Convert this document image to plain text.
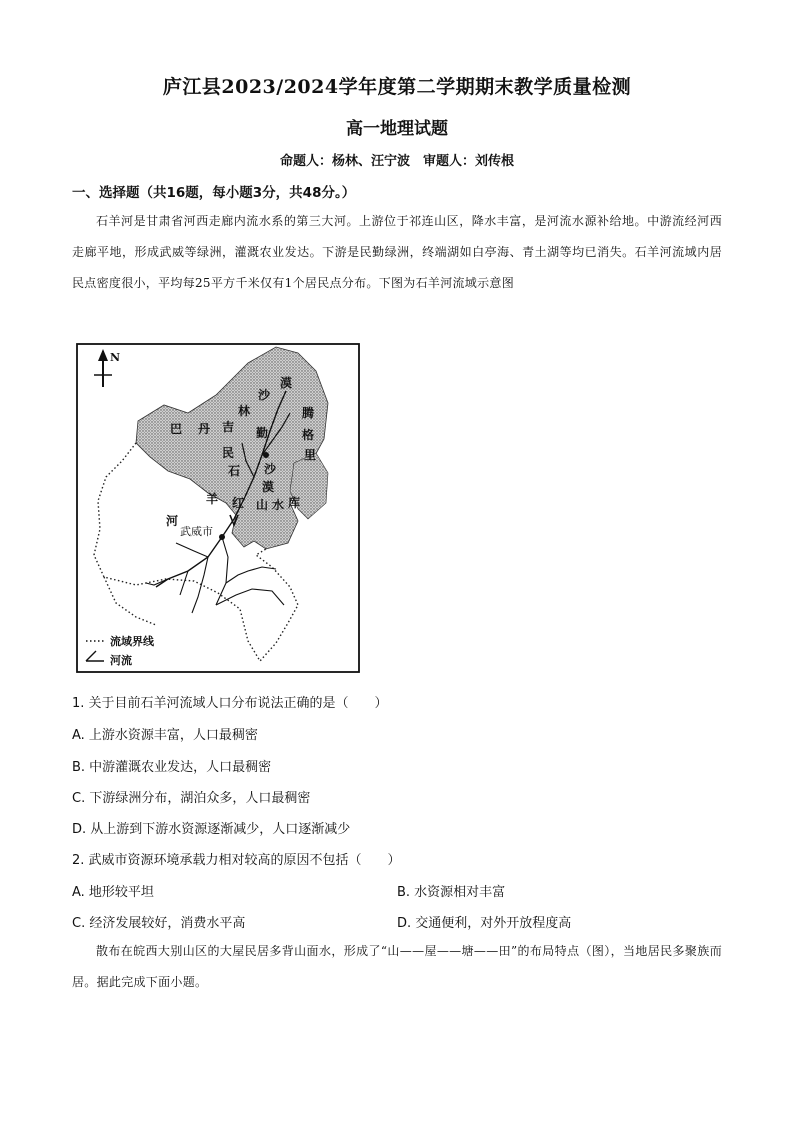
庐江县2023/2024学年度第二学期期末教学质量检测
高一地理试题
命题人：杨林、汪宁波　审题人：刘传根
一、选择题（共16题，每小题3分，共48分。）
石羊河是甘肃省河西走廊内流水系的第三大河。上游位于祁连山区，降水丰富，是河流水源补给地。中游流经河西走廊平地，形成武威等绿洲，灌溉农业发达。下游是民勤绿洲，终端湖如白亭海、青土湖等均已消失。石羊河流域内居民点密度很小，平均每25平方千米仅有1个居民点分布。下图为石羊河流域示意图
N
沙
漠
林	腾
巴 丹 吉
格
民	里
勤
石 沙
漠
羊 红 山 水 库
河
武威市
流域界线
河流
1. 关于目前石羊河流域人口分布说法正确的是（　　）
A. 上游水资源丰富，人口最稠密
B. 中游灌溉农业发达，人口最稠密
C. 下游绿洲分布，湖泊众多，人口最稠密
D. 从上游到下游水资源逐渐减少，人口逐渐减少
2. 武威市资源环境承载力相对较高的原因不包括（　　）
A. 地形较平坦	B. 水资源相对丰富
C. 经济发展较好，消费水平高	D. 交通便利，对外开放程度高
散布在皖西大别山区的大屋民居多背山面水，形成了“山——屋——塘——田”的布局特点（图），当地居民多聚族而居。据此完成下面小题。
